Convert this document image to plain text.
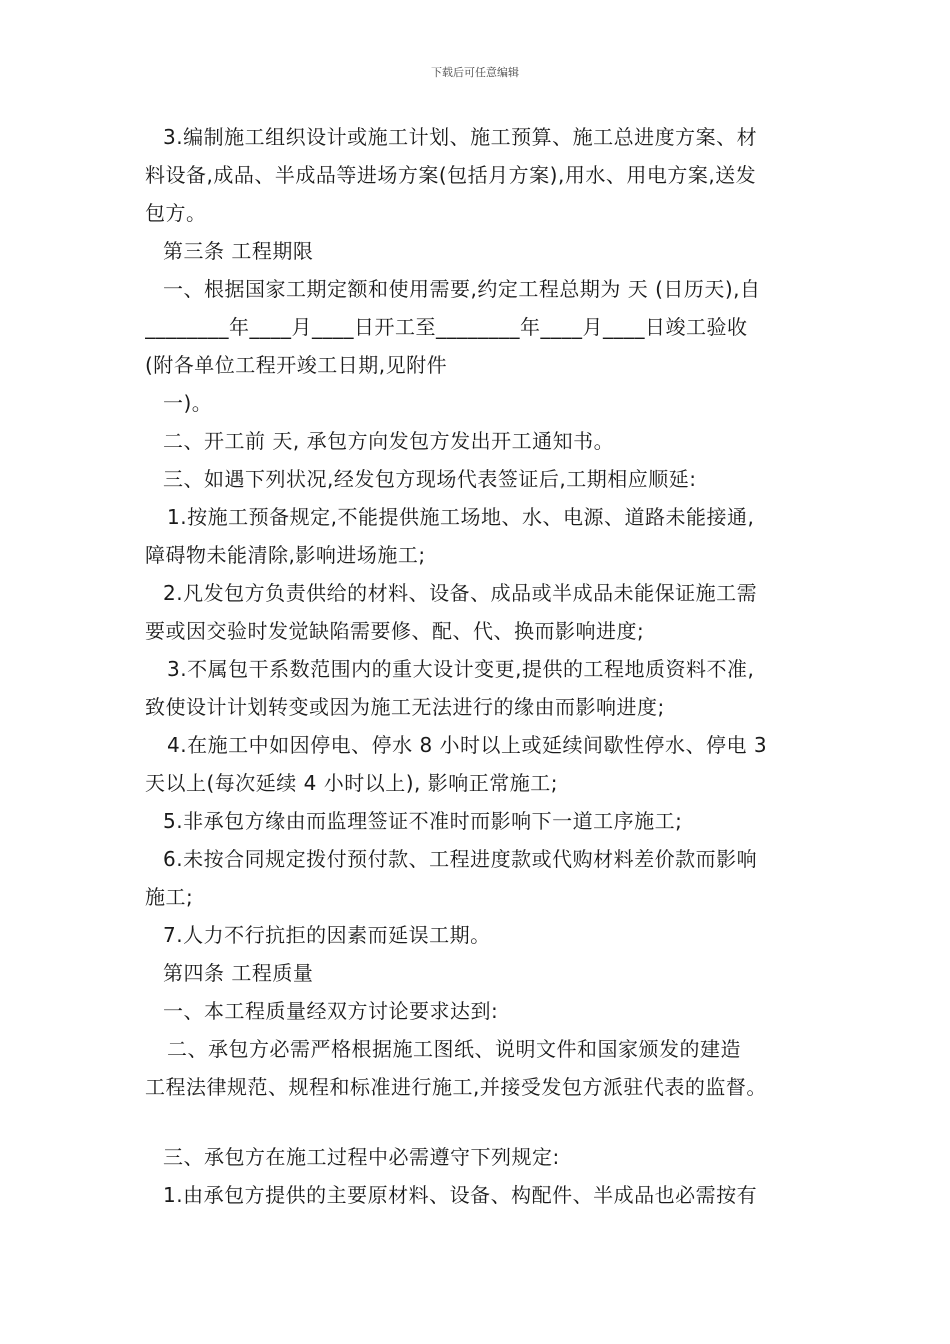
下载后可任意编辑
3.编制施工组织设计或施工计划、施工预算、施工总进度方案、材
料设备,成品、半成品等进场方案(包括月方案),用水、用电方案,送发
包方。
第三条 工程期限
一、根据国家工期定额和使用需要,约定工程总期为 天 (日历天),自
________年____月____日开工至________年____月____日竣工验收
(附各单位工程开竣工日期,见附件
一)。
二、开工前 天, 承包方向发包方发出开工通知书。
三、如遇下列状况,经发包方现场代表签证后,工期相应顺延:
1.按施工预备规定,不能提供施工场地、水、电源、道路未能接通,
障碍物未能清除,影响进场施工;
2.凡发包方负责供给的材料、设备、成品或半成品未能保证施工需
要或因交验时发觉缺陷需要修、配、代、换而影响进度;
3.不属包干系数范围内的重大设计变更,提供的工程地质资料不准,
致使设计计划转变或因为施工无法进行的缘由而影响进度;
4.在施工中如因停电、停水 8 小时以上或延续间歇性停水、停电 3
天以上(每次延续 4 小时以上), 影响正常施工;
5.非承包方缘由而监理签证不准时而影响下一道工序施工;
6.未按合同规定拨付预付款、工程进度款或代购材料差价款而影响
施工;
7.人力不行抗拒的因素而延误工期。
第四条 工程质量
一、本工程质量经双方讨论要求达到:
二、承包方必需严格根据施工图纸、说明文件和国家颁发的建造
工程法律规范、规程和标准进行施工,并接受发包方派驻代表的监督。
三、承包方在施工过程中必需遵守下列规定:
1.由承包方提供的主要原材料、设备、构配件、半成品也必需按有
